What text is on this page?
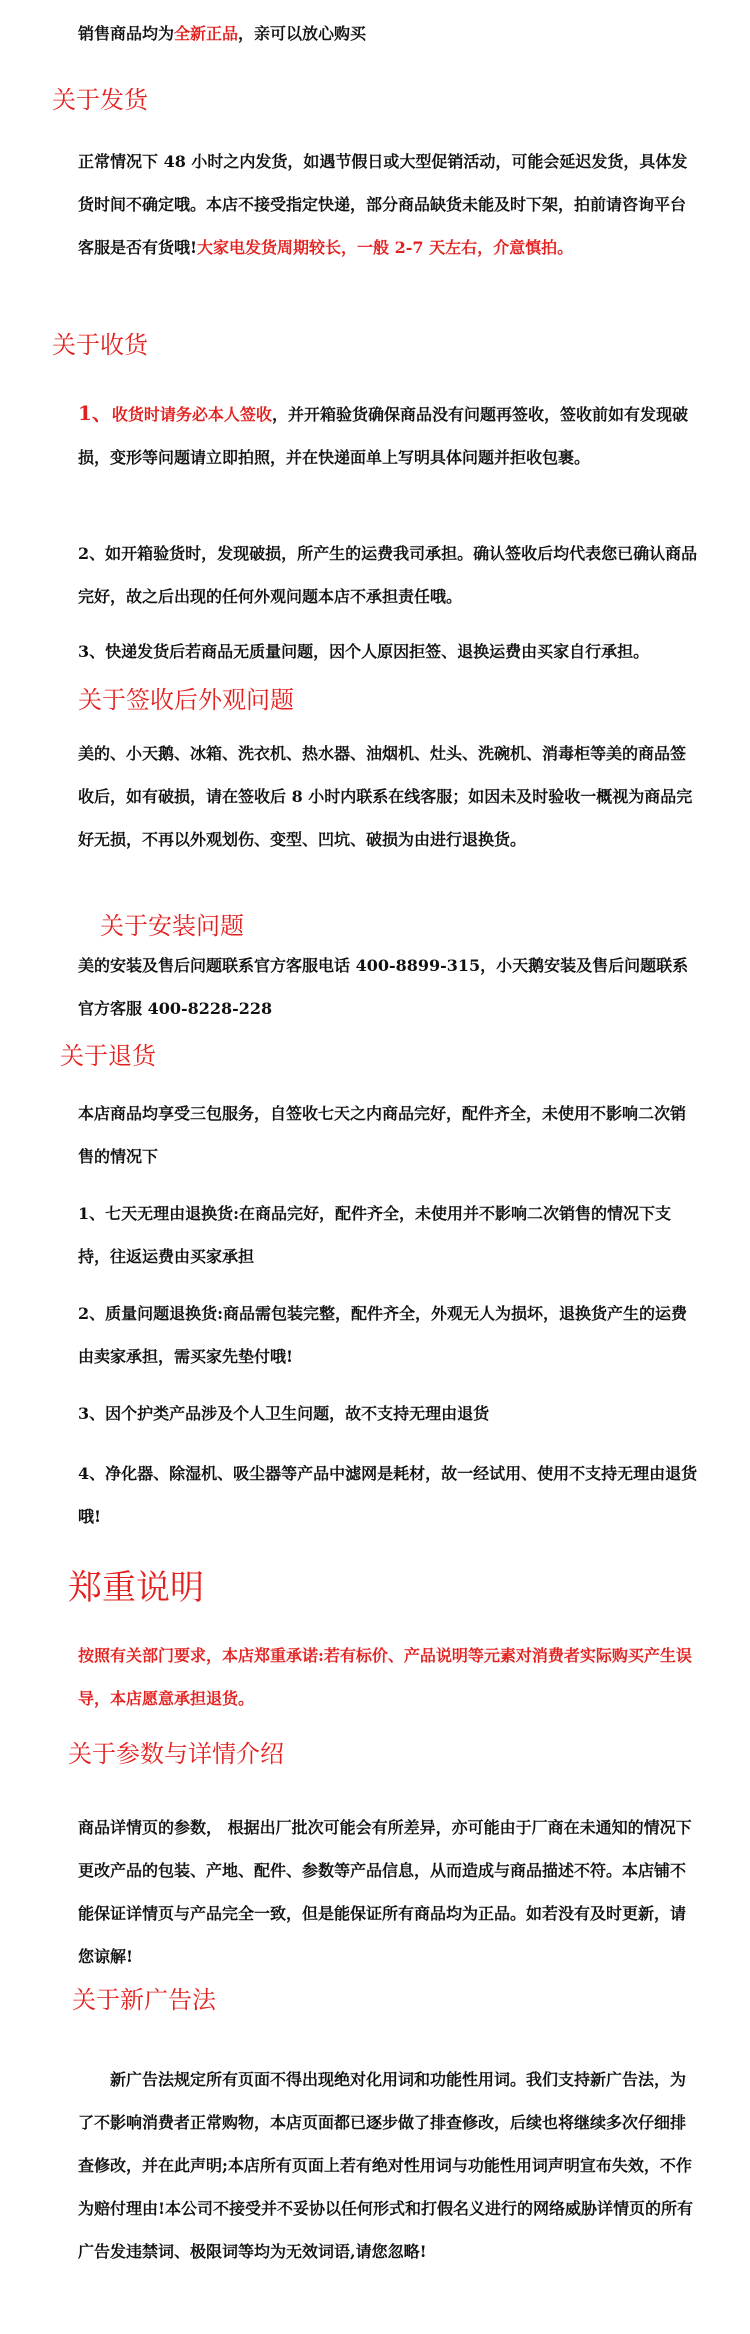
销售商品均为全新正品，亲可以放心购买

关于发货

正常情况下 48 小时之内发货，如遇节假日或大型促销活动，可能会延迟发货，具体发货时间不确定哦。本店不接受指定快递，部分商品缺货未能及时下架，拍前请咨询平台客服是否有货哦!大家电发货周期较长，一般 2-7 天左右，介意慎拍。

关于收货

1、收货时请务必本人签收，并开箱验货确保商品没有问题再签收，签收前如有发现破损，变形等问题请立即拍照，并在快递面单上写明具体问题并拒收包裹。

2、如开箱验货时，发现破损，所产生的运费我司承担。确认签收后均代表您已确认商品完好，故之后出现的任何外观问题本店不承担责任哦。

3、快递发货后若商品无质量问题，因个人原因拒签、退换运费由买家自行承担。

关于签收后外观问题

美的、小天鹅、冰箱、洗衣机、热水器、油烟机、灶头、洗碗机、消毒柜等美的商品签收后，如有破损，请在签收后 8 小时内联系在线客服；如因未及时验收一概视为商品完好无损，不再以外观划伤、变型、凹坑、破损为由进行退换货。

关于安装问题

美的安装及售后问题联系官方客服电话 400-8899-315，小天鹅安装及售后问题联系官方客服 400-8228-228

关于退货

本店商品均享受三包服务，自签收七天之内商品完好，配件齐全，未使用不影响二次销售的情况下

1、七天无理由退换货:在商品完好，配件齐全，未使用并不影响二次销售的情况下支持，往返运费由买家承担

2、质量问题退换货:商品需包装完整，配件齐全，外观无人为损坏，退换货产生的运费由卖家承担，需买家先垫付哦!

3、因个护类产品涉及个人卫生问题，故不支持无理由退货

4、净化器、除湿机、吸尘器等产品中滤网是耗材，故一经试用、使用不支持无理由退货哦!

郑重说明

按照有关部门要求，本店郑重承诺:若有标价、产品说明等元素对消费者实际购买产生误导，本店愿意承担退货。

关于参数与详情介绍

商品详情页的参数， 根据出厂批次可能会有所差异，亦可能由于厂商在未通知的情况下更改产品的包装、产地、配件、参数等产品信息，从而造成与商品描述不符。本店铺不能保证详情页与产品完全一致，但是能保证所有商品均为正品。如若没有及时更新，请您谅解!

关于新广告法

新广告法规定所有页面不得出现绝对化用词和功能性用词。我们支持新广告法，为了不影响消费者正常购物，本店页面都已逐步做了排查修改，后续也将继续多次仔细排查修改，并在此声明;本店所有页面上若有绝对性用词与功能性用词声明宣布失效，不作为赔付理由!本公司不接受并不妥协以任何形式和打假名义进行的网络威胁详情页的所有广告发违禁词、极限词等均为无效词语,请您忽略!
